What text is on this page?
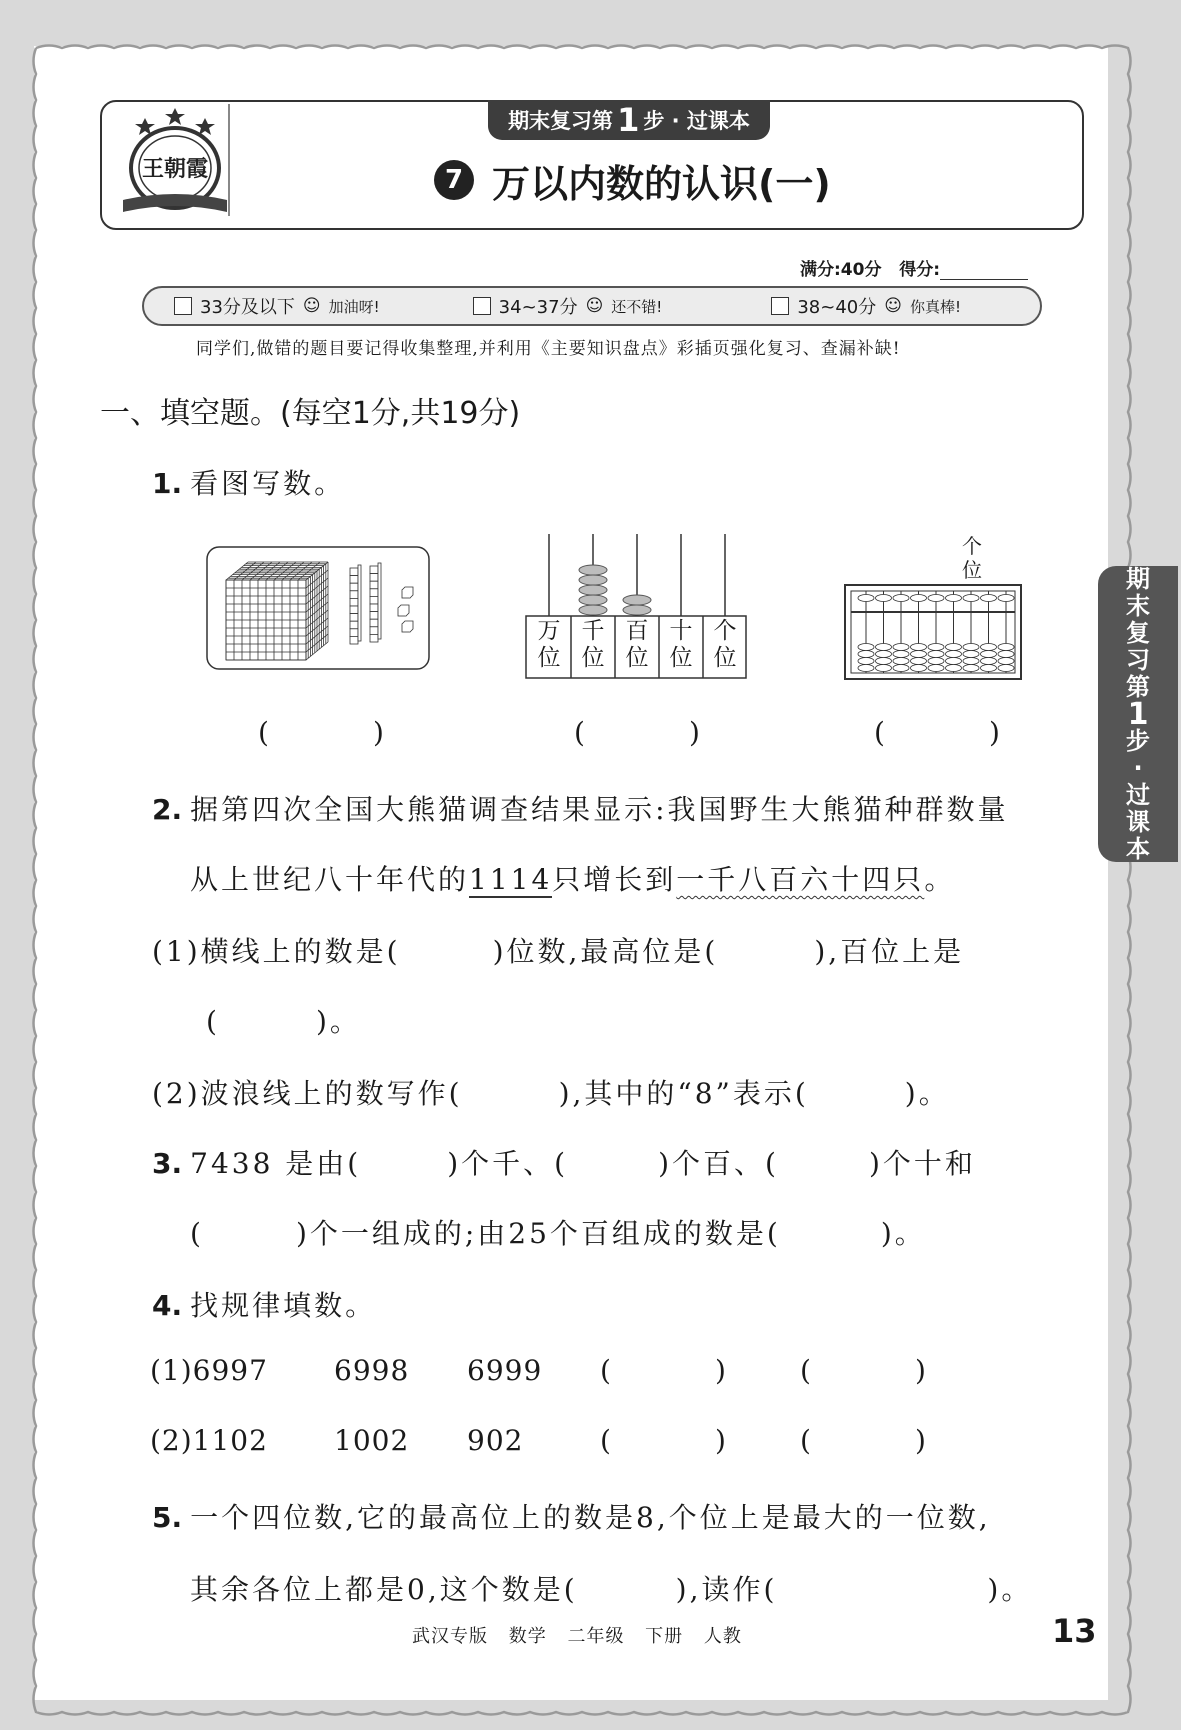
王朝霞
期末复习第 1 步 · 过课本
7 万以内数的认识(一)
满分:40分 得分:
33分及以下 ☺ 加油呀!	34~37分 ☺ 还不错!	38~40分 ☺ 你真棒!
同学们,做错的题目要记得收集整理,并利用《主要知识盘点》彩插页强化复习、查漏补缺!
一、填空题。(每空1分,共19分)
1. 看图写数。
万位
千位
百位
十位
个位
个位
(	)	(	)	(	)
2. 据第四次全国大熊猫调查结果显示:我国野生大熊猫种群数量
从上世纪八十年代的1114只增长到一千八百六十四只。
(1)横线上的数是(	)位数,最高位是(	),百位上是
(	)。
(2)波浪线上的数写作(	),其中的“8”表示(	)。
3. 7438 是由(	)个千、(	)个百、(	)个十和
(	)个一组成的;由25个百组成的数是(	)。
4. 找规律填数。
(1)6997 6998 6999 (	)	(	)
(2)1102 1002 902	(	)	(	)
5. 一个四位数,它的最高位上的数是8,个位上是最大的一位数,
其余各位上都是0,这个数是(	),读作(	)。
期
末
复
习
第
1
步
·
过
课
本
武汉专版 数学 二年级 下册 人教	13
